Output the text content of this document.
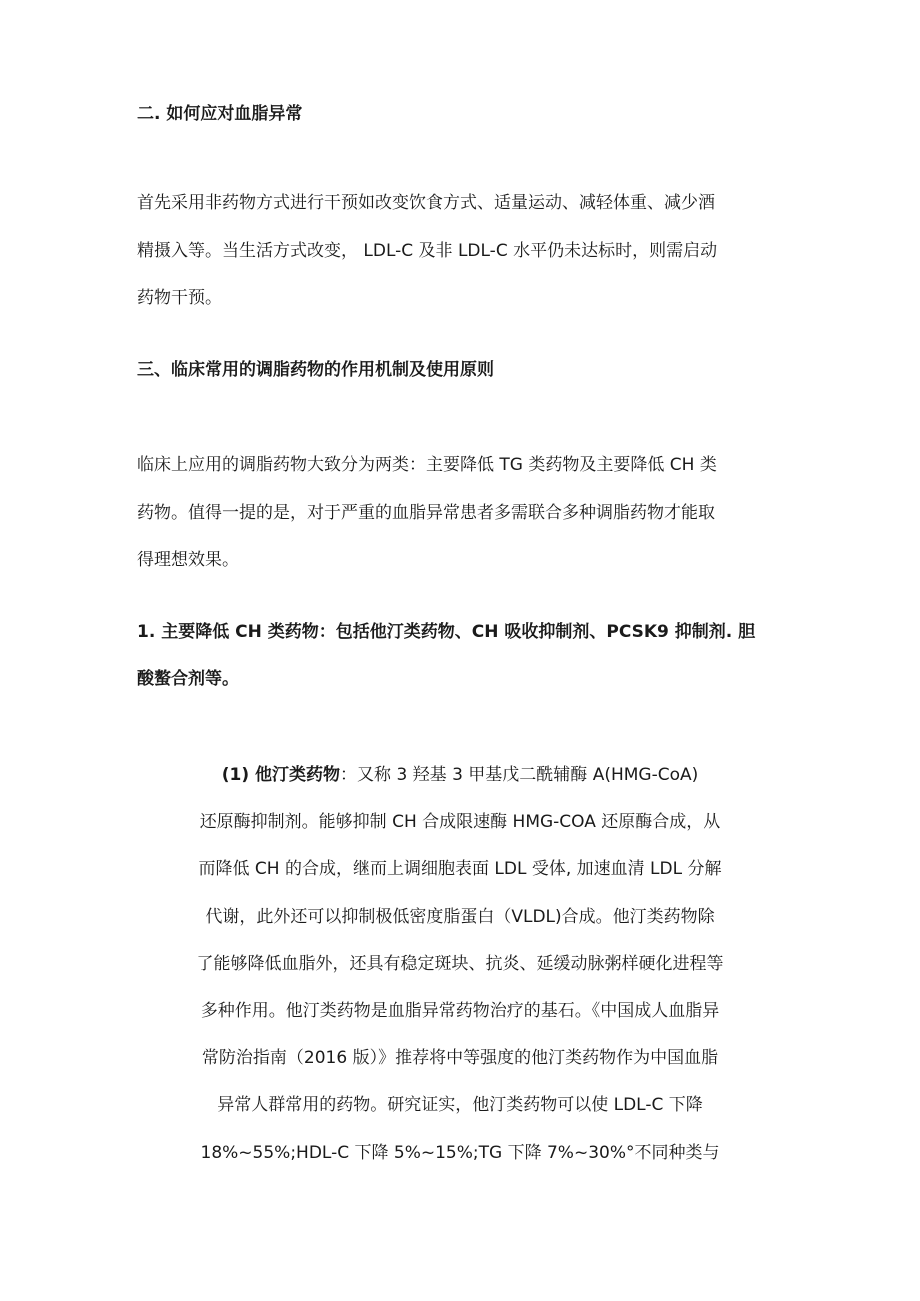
二. 如何应对血脂异常
首先采用非药物方式进行干预如改变饮食方式、适量运动、减轻体重、减少酒
精摄入等。当生活方式改变， LDL-C 及非 LDL-C 水平仍未达标时，则需启动
药物干预。
三、临床常用的调脂药物的作用机制及使用原则
临床上应用的调脂药物大致分为两类：主要降低 TG 类药物及主要降低 CH 类
药物。值得一提的是，对于严重的血脂异常患者多需联合多种调脂药物才能取
得理想效果。
1. 主要降低 CH 类药物：包括他汀类药物、CH 吸收抑制剂、PCSK9 抑制剂. 胆
酸螯合剂等。
(1) 他汀类药物：又称 3 羟基 3 甲基戊二酰辅酶 A(HMG-CoA)
还原酶抑制剂。能够抑制 CH 合成限速酶 HMG-COA 还原酶合成，从
而降低 CH 的合成，继而上调细胞表面 LDL 受体, 加速血清 LDL 分解
代谢，此外还可以抑制极低密度脂蛋白（VLDL)合成。他汀类药物除
了能够降低血脂外，还具有稳定斑块、抗炎、延缓动脉粥样硬化进程等
多种作用。他汀类药物是血脂异常药物治疗的基石。《中国成人血脂异
常防治指南（2016 版）》推荐将中等强度的他汀类药物作为中国血脂
异常人群常用的药物。研究证实，他汀类药物可以使 LDL-C 下降
18%~55%;HDL-C 下降 5%~15%;TG 下降 7%~30%°不同种类与
